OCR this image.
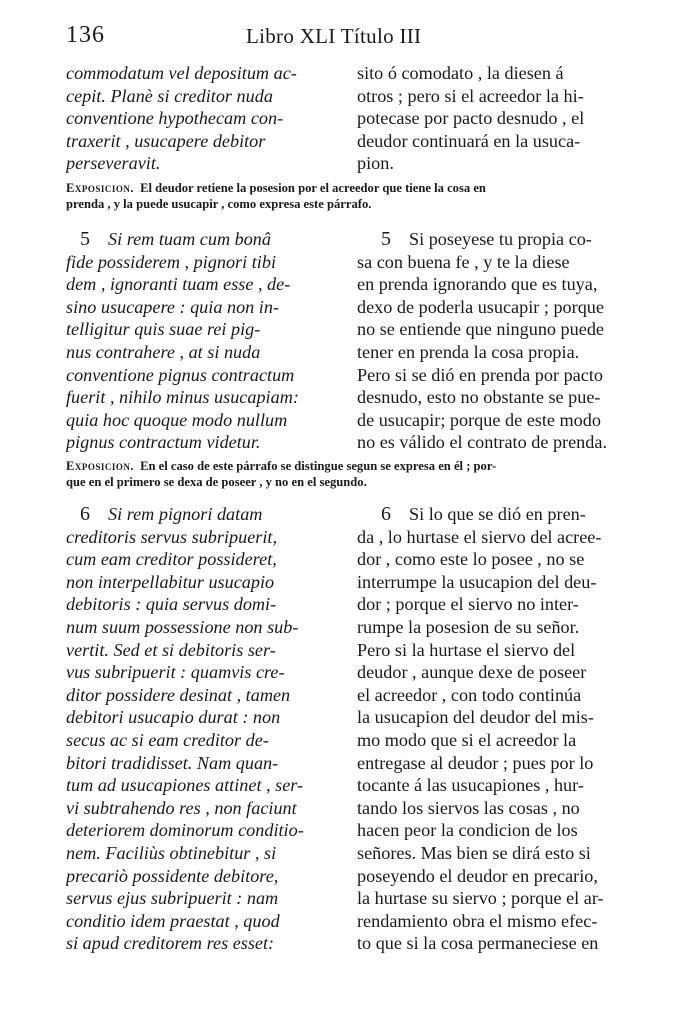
136	Libro XLI Título III
commodatum vel depositum ac-
cepit. Planè si creditor nuda
conventione hypothecam con-
traxerit , usucapere debitor
perseveravit.
sito ó comodato , la diesen á
otros ; pero si el acreedor la hi-
potecase por pacto desnudo , el
deudor continuará en la usuca-
pion.
Exposicion. El deudor retiene la posesion por el acreedor que tiene la cosa en
prenda , y la puede usucapir , como expresa este párrafo.
5 Si rem tuam cum bonâ
fide possiderem , pignori tibi
dem , ignoranti tuam esse , de-
sino usucapere : quia non in-
telligitur quis suae rei pig-
nus contrahere , at si nuda
conventione pignus contractum
fuerit , nihilo minus usucapiam:
quia hoc quoque modo nullum
pignus contractum videtur.
5 Si poseyese tu propia co-
sa con buena fe , y te la diese
en prenda ignorando que es tuya,
dexo de poderla usucapir ; porque
no se entiende que ninguno puede
tener en prenda la cosa propia.
Pero si se dió en prenda por pacto
desnudo, esto no obstante se pue-
de usucapir; porque de este modo
no es válido el contrato de prenda.
Exposicion. En el caso de este párrafo se distingue segun se expresa en él ; por-
que en el primero se dexa de poseer , y no en el segundo.
6 Si rem pignori datam
creditoris servus subripuerit,
cum eam creditor possideret,
non interpellabitur usucapio
debitoris : quia servus domi-
num suum possessione non sub-
vertit. Sed et si debitoris ser-
vus subripuerit : quamvis cre-
ditor possidere desinat , tamen
debitori usucapio durat : non
secus ac si eam creditor de-
bitori tradidisset. Nam quan-
tum ad usucapiones attinet , ser-
vi subtrahendo res , non faciunt
deteriorem dominorum conditio-
nem. Faciliùs obtinebitur , si
precariò possidente debitore,
servus ejus subripuerit : nam
conditio idem praestat , quod
si apud creditorem res esset:
6 Si lo que se dió en pren-
da , lo hurtase el siervo del acree-
dor , como este lo posee , no se
interrumpe la usucapion del deu-
dor ; porque el siervo no inter-
rumpe la posesion de su señor.
Pero si la hurtase el siervo del
deudor , aunque dexe de poseer
el acreedor , con todo continúa
la usucapion del deudor del mis-
mo modo que si el acreedor la
entregase al deudor ; pues por lo
tocante á las usucapiones , hur-
tando los siervos las cosas , no
hacen peor la condicion de los
señores. Mas bien se dirá esto si
poseyendo el deudor en precario,
la hurtase su siervo ; porque el ar-
rendamiento obra el mismo efec-
to que si la cosa permaneciese en
